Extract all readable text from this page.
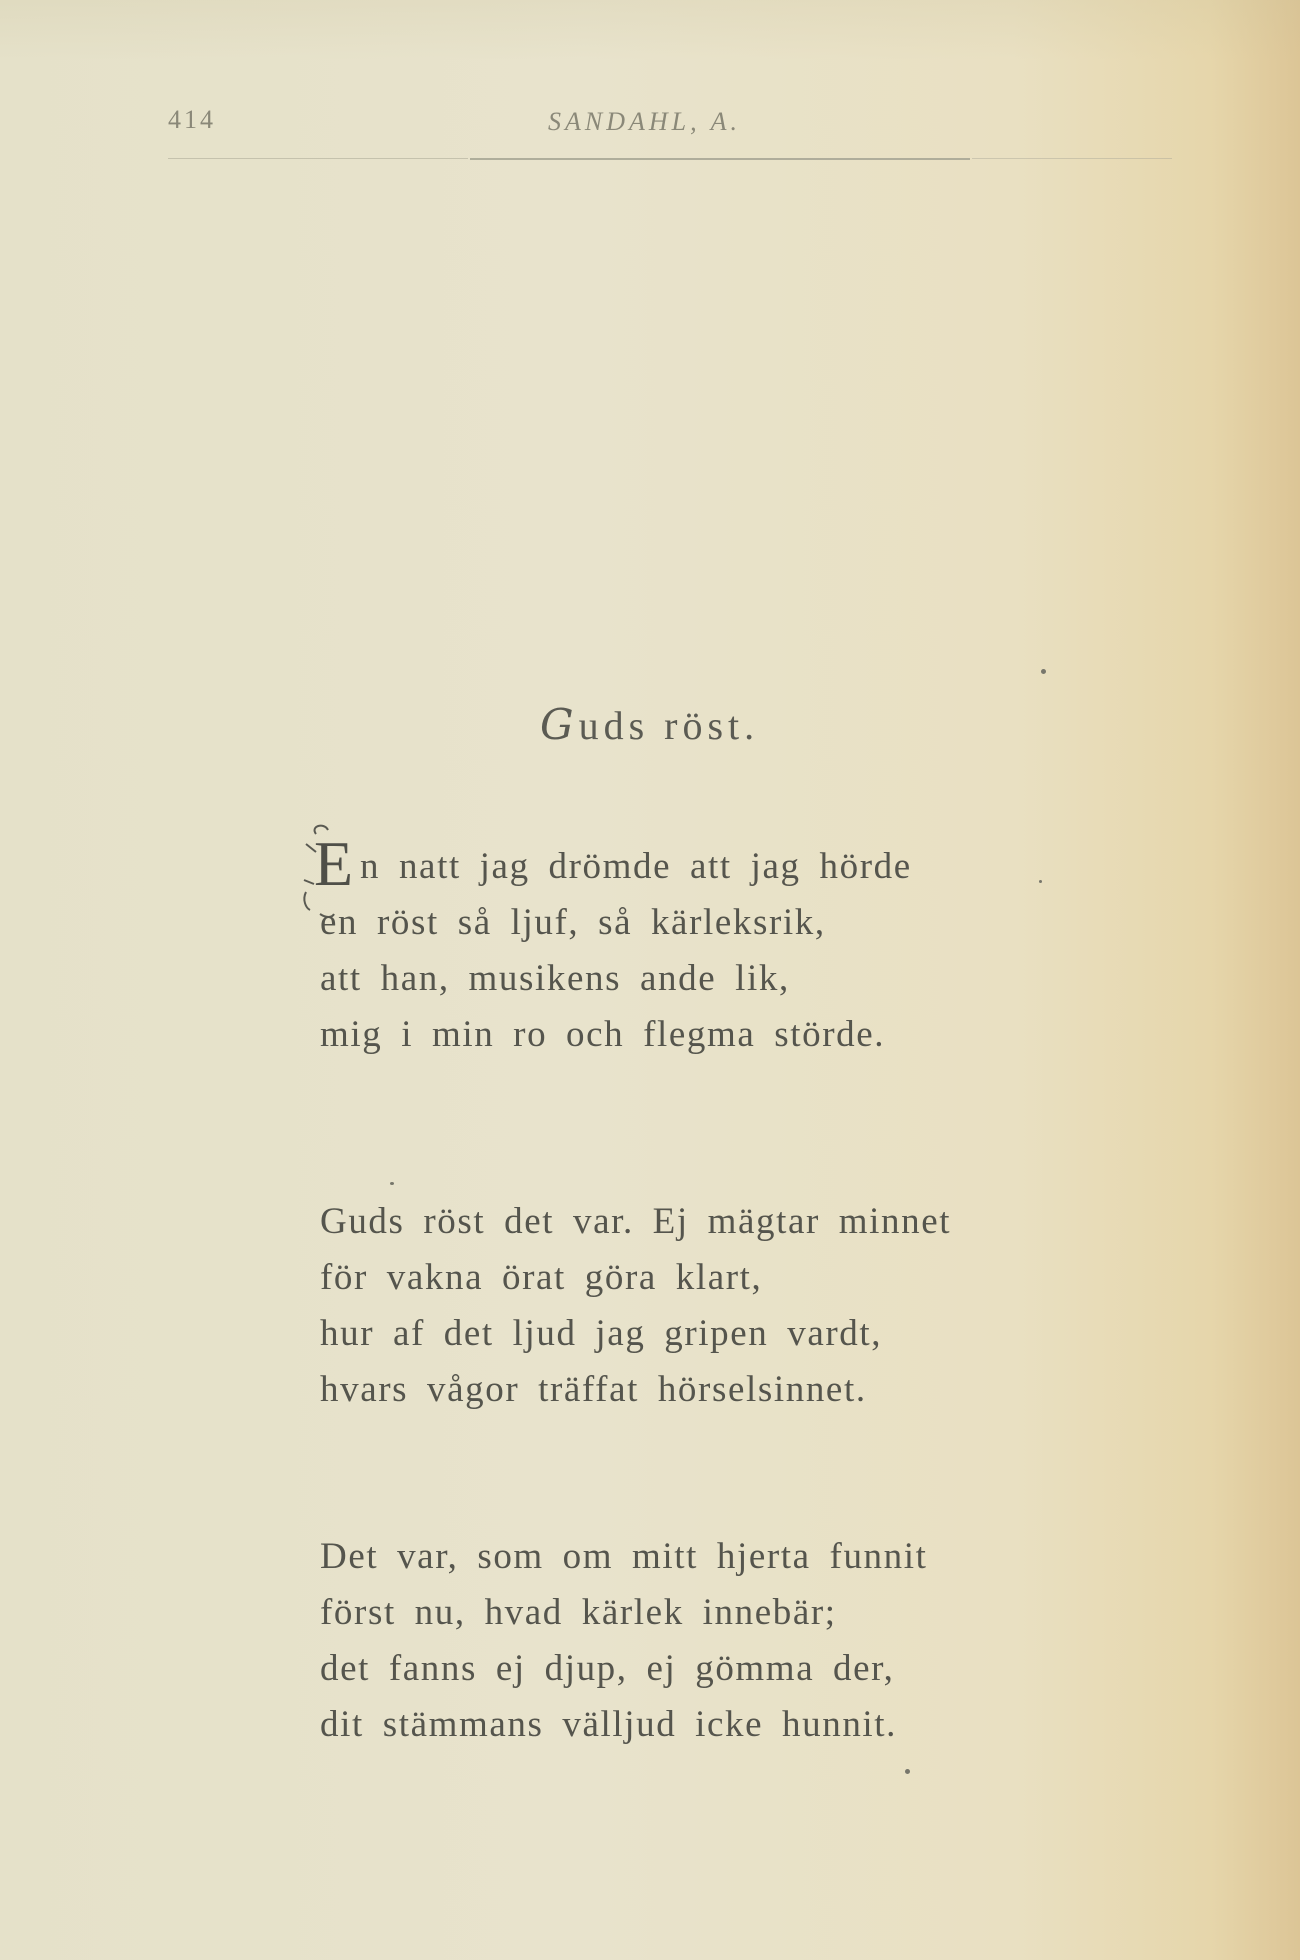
414	SANDAHL, A.
Guds röst.
E n natt jag drömde att jag hörde
en röst så ljuf, så kärleksrik,
att han, musikens ande lik,
mig i min ro och flegma störde.
Guds röst det var. Ej mägtar minnet
för vakna örat göra klart,
hur af det ljud jag gripen vardt,
hvars vågor träffat hörselsinnet.
Det var, som om mitt hjerta funnit
först nu, hvad kärlek innebär;
det fanns ej djup, ej gömma der,
dit stämmans välljud icke hunnit.
